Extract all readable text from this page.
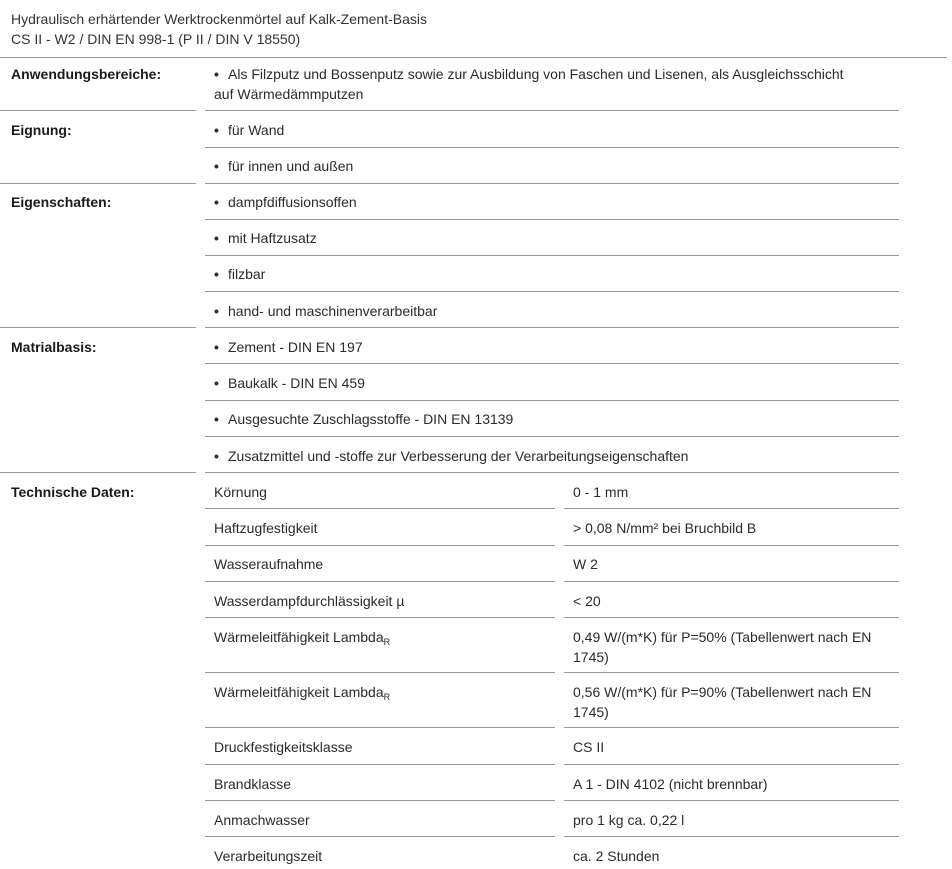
Hydraulisch erhärtender Werktrockenmörtel auf Kalk-Zement-Basis
CS II - W2 / DIN EN 998-1 (P II / DIN V 18550)
Anwendungsbereiche:	• Als Filzputz und Bossenputz sowie zur Ausbildung von Faschen und Lisenen, als Ausgleichsschicht auf Wärmedämmputzen
Eignung:	• für Wand
• für innen und außen
Eigenschaften:	• dampfdiffusionsoffen
• mit Haftzusatz
• filzbar
• hand- und maschinenverarbeitbar
Matrialbasis:	• Zement - DIN EN 197
• Baukalk - DIN EN 459
• Ausgesuchte Zuschlagsstoffe - DIN EN 13139
• Zusatzmittel und -stoffe zur Verbesserung der Verarbeitungseigenschaften
Technische Daten:	Körnung	0 - 1 mm
Haftzugfestigkeit	> 0,08 N/mm² bei Bruchbild B
Wasseraufnahme	W 2
Wasserdampfdurchlässigkeit µ	< 20
Wärmeleitfähigkeit Lambda$_R$	0,49 W/(m*K) für P=50% (Tabellenwert nach EN 1745)
Wärmeleitfähigkeit Lambda$_R$	0,56 W/(m*K) für P=90% (Tabellenwert nach EN 1745)
Druckfestigkeitsklasse	CS II
Brandklasse	A 1 - DIN 4102 (nicht brennbar)
Anmachwasser	pro 1 kg ca. 0,22 l
Verarbeitungszeit	ca. 2 Stunden
